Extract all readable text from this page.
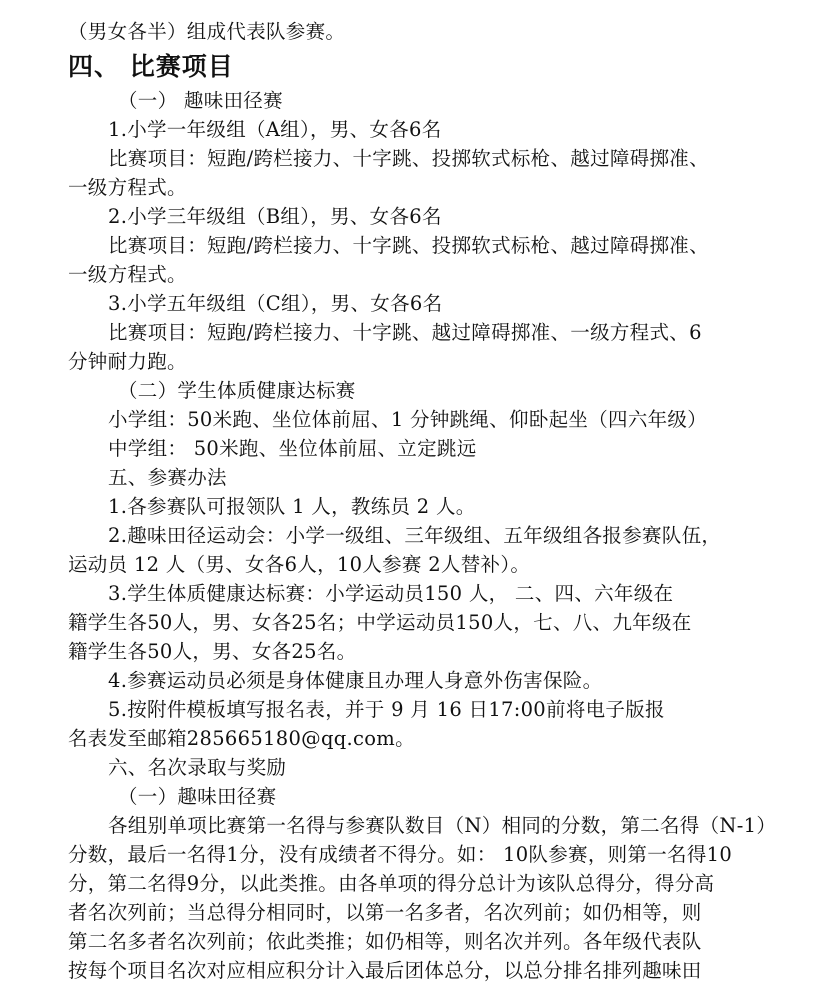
（男女各半）组成代表队参赛。
四、 比赛项目
（一） 趣味田径赛
1.小学一年级组（A组），男、女各6名
比赛项目：短跑/跨栏接力、十字跳、投掷软式标枪、越过障碍掷准、
一级方程式。
2.小学三年级组（B组），男、女各6名
比赛项目：短跑/跨栏接力、十字跳、投掷软式标枪、越过障碍掷准、
一级方程式。
3.小学五年级组（C组），男、女各6名
比赛项目：短跑/跨栏接力、十字跳、越过障碍掷准、一级方程式、6
分钟耐力跑。
（二）学生体质健康达标赛
小学组：50米跑、坐位体前屈、1 分钟跳绳、仰卧起坐（四六年级）
中学组： 50米跑、坐位体前屈、立定跳远
五、参赛办法
1.各参赛队可报领队 1 人，教练员 2 人。
2.趣味田径运动会：小学一级组、三年级组、五年级组各报参赛队伍，
运动员 12 人（男、女各6人，10人参赛 2人替补）。
3.学生体质健康达标赛：小学运动员150 人， 二、四、六年级在
籍学生各50人，男、女各25名；中学运动员150人，七、八、九年级在
籍学生各50人，男、女各25名。
4.参赛运动员必须是身体健康且办理人身意外伤害保险。
5.按附件模板填写报名表，并于 9 月 16 日17:00前将电子版报
名表发至邮箱285665180@qq.com。
六、名次录取与奖励
（一）趣味田径赛
各组别单项比赛第一名得与参赛队数目（N）相同的分数，第二名得（N-1）
分数，最后一名得1分，没有成绩者不得分。如： 10队参赛，则第一名得10
分，第二名得9分，以此类推。由各单项的得分总计为该队总得分，得分高
者名次列前；当总得分相同时，以第一名多者，名次列前；如仍相等，则
第二名多者名次列前；依此类推；如仍相等，则名次并列。各年级代表队
按每个项目名次对应相应积分计入最后团体总分，以总分排名排列趣味田
